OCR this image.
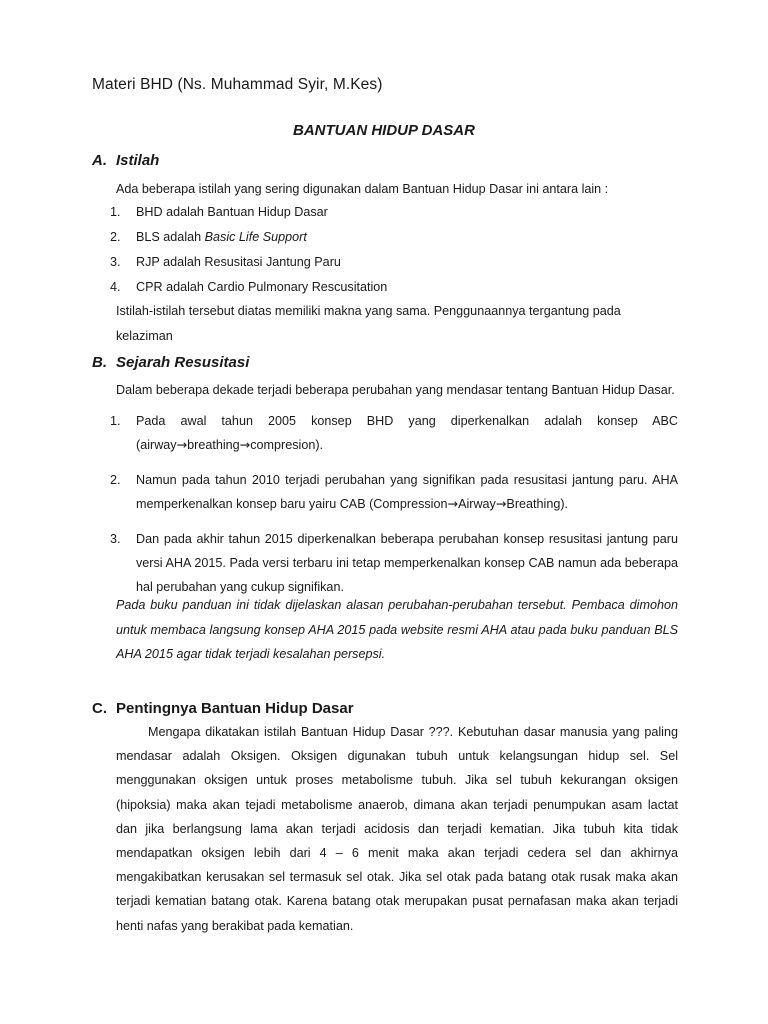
Materi BHD (Ns. Muhammad Syir, M.Kes)
BANTUAN HIDUP DASAR
A. Istilah
Ada beberapa istilah yang sering digunakan dalam Bantuan Hidup Dasar ini antara lain :
1. BHD adalah Bantuan Hidup Dasar
2. BLS adalah Basic Life Support
3. RJP adalah Resusitasi Jantung Paru
4. CPR adalah Cardio Pulmonary Rescusitation
Istilah-istilah tersebut diatas memiliki makna yang sama. Penggunaannya tergantung pada kelaziman
B. Sejarah Resusitasi
Dalam beberapa dekade terjadi beberapa perubahan yang mendasar tentang Bantuan Hidup Dasar.
1. Pada awal tahun 2005 konsep BHD yang diperkenalkan adalah konsep ABC (airway→breathing→compresion).
2. Namun pada tahun 2010 terjadi perubahan yang signifikan pada resusitasi jantung paru. AHA memperkenalkan konsep baru yairu CAB (Compression→Airway→Breathing).
3. Dan pada akhir tahun 2015 diperkenalkan beberapa perubahan konsep resusitasi jantung paru versi AHA 2015. Pada versi terbaru ini tetap memperkenalkan konsep CAB namun ada beberapa hal perubahan yang cukup signifikan.
Pada buku panduan ini tidak dijelaskan alasan perubahan-perubahan tersebut. Pembaca dimohon untuk membaca langsung konsep AHA 2015 pada website resmi AHA atau pada buku panduan BLS AHA 2015 agar tidak terjadi kesalahan persepsi.
C. Pentingnya Bantuan Hidup Dasar
Mengapa dikatakan istilah Bantuan Hidup Dasar ???. Kebutuhan dasar manusia yang paling mendasar adalah Oksigen. Oksigen digunakan tubuh untuk kelangsungan hidup sel. Sel menggunakan oksigen untuk proses metabolisme tubuh. Jika sel tubuh kekurangan oksigen (hipoksia) maka akan tejadi metabolisme anaerob, dimana akan terjadi penumpukan asam lactat dan jika berlangsung lama akan terjadi acidosis dan terjadi kematian. Jika tubuh kita tidak mendapatkan oksigen lebih dari 4 – 6 menit maka akan terjadi cedera sel dan akhirnya mengakibatkan kerusakan sel termasuk sel otak. Jika sel otak pada batang otak rusak maka akan terjadi kematian batang otak. Karena batang otak merupakan pusat pernafasan maka akan terjadi henti nafas yang berakibat pada kematian.
